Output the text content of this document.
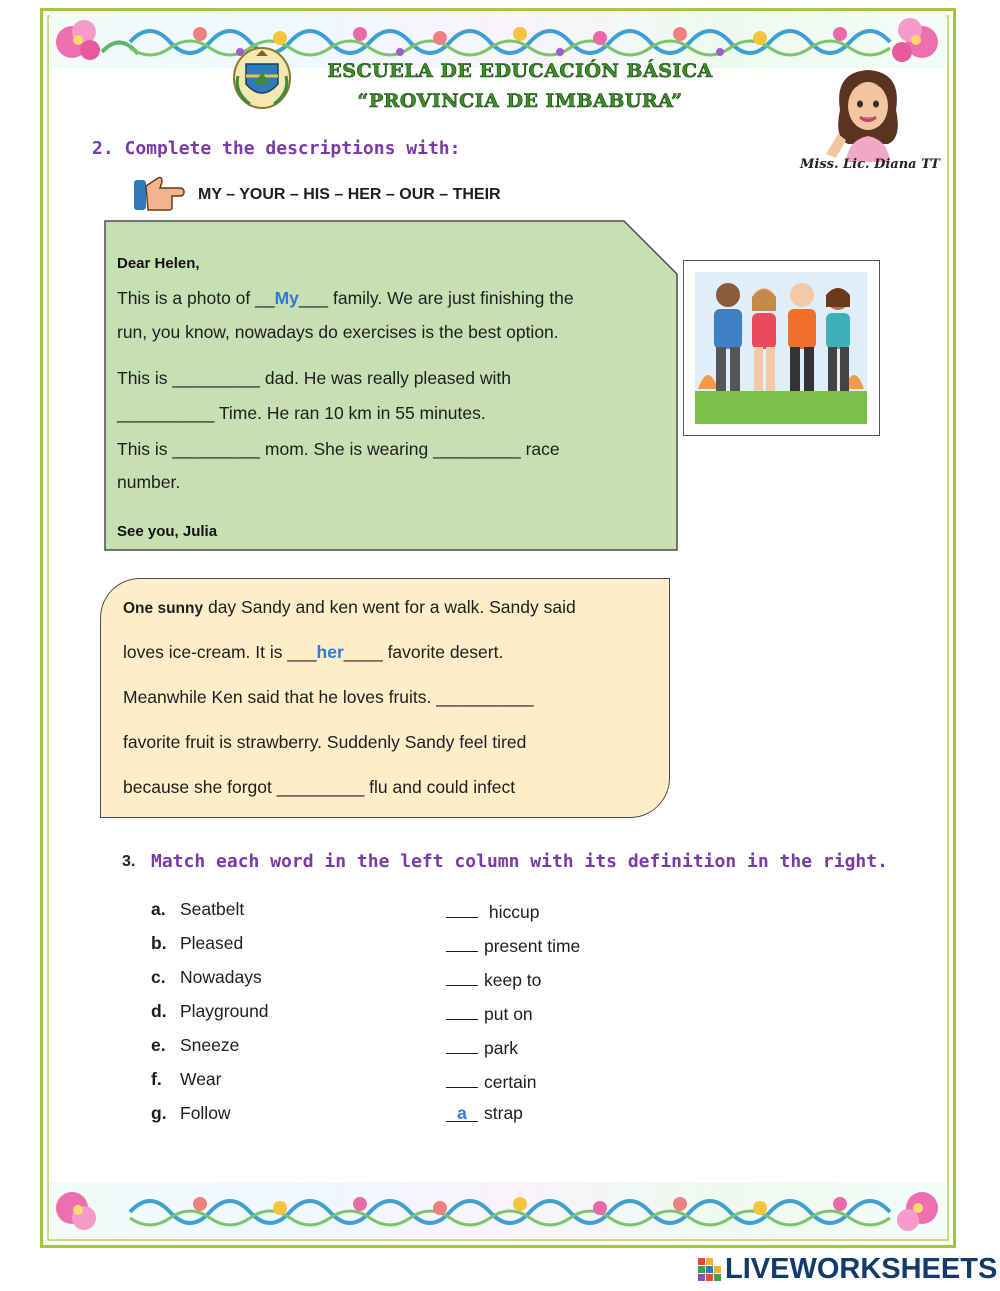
ESCUELA DE EDUCACIÓN BÁSICA
“PROVINCIA DE IMBABURA”
Miss. Lic. Diana TT
2. Complete the descriptions with:
MY – YOUR – HIS – HER – OUR – THEIR
Dear Helen,
This is a photo of __My___ family. We are just finishing the
run, you know, nowadays do exercises is the best option.
This is _________ dad. He was really pleased with
__________ Time. He ran 10 km in 55 minutes.
This is _________ mom. She is wearing _________ race
number.
See you, Julia
One sunny day Sandy and ken went for a walk. Sandy said
loves ice-cream. It is ___her____ favorite desert.
Meanwhile Ken said that he loves fruits. __________
favorite fruit is strawberry. Suddenly Sandy feel tired
because she forgot _________ flu and could infect
3. Match each word in the left column with its definition in the right.
a. Seatbelt	hiccup
b. Pleased	present time
c. Nowadays	keep to
d. Playground	put on
e. Sneeze	park
f. Wear	certain
g. Follow	a strap
LIVEWORKSHEETS
